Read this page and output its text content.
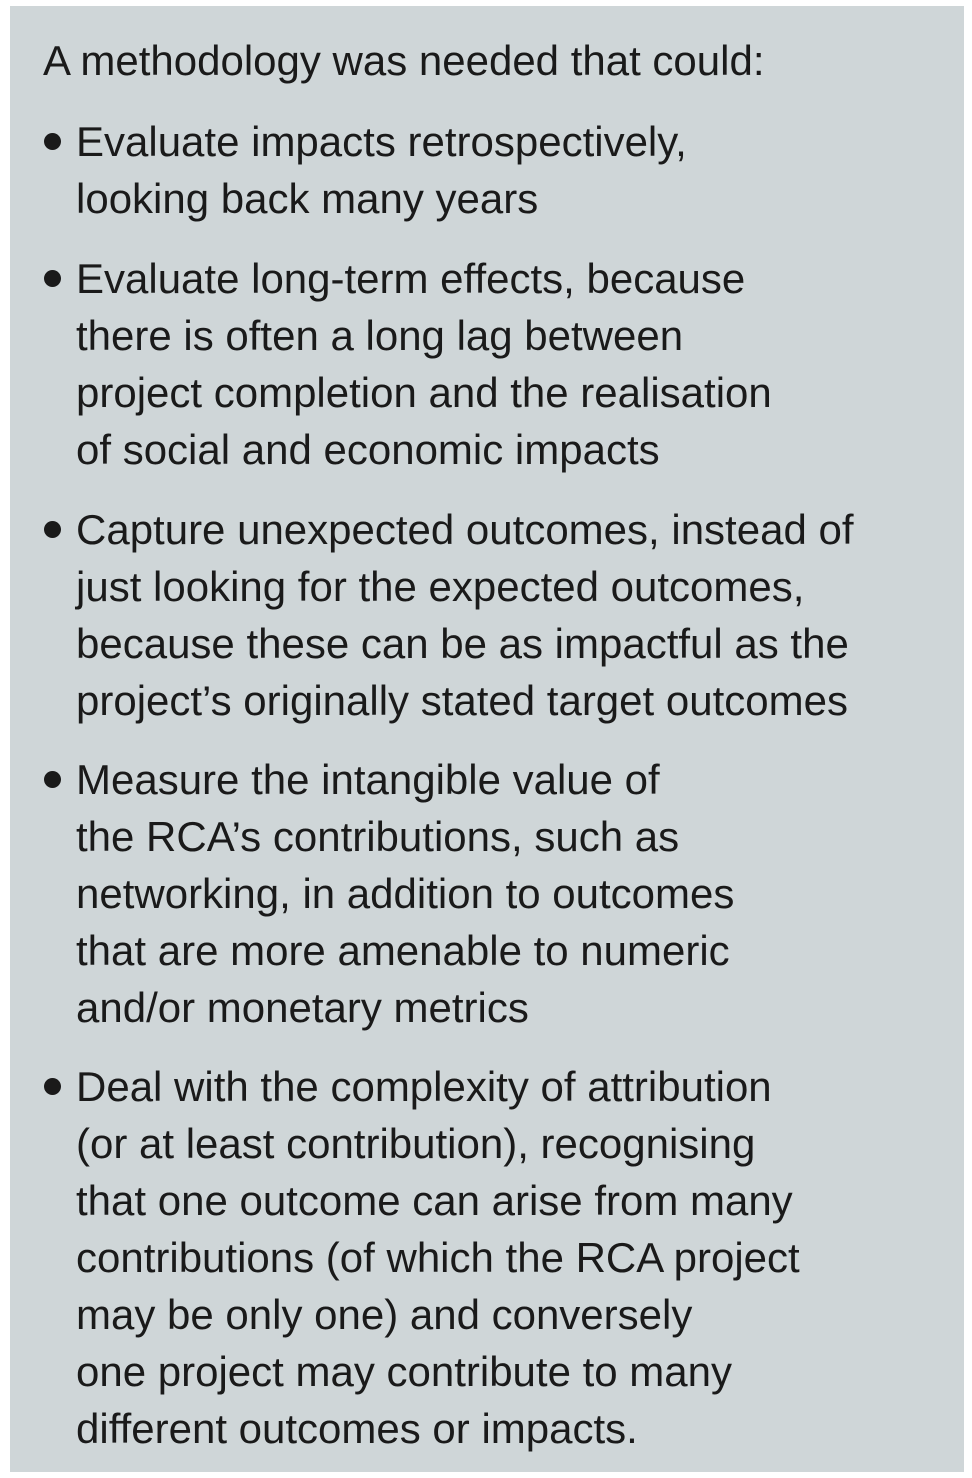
A methodology was needed that could:
Evaluate impacts retrospectively,
looking back many years
Evaluate long-term effects, because
there is often a long lag between
project completion and the realisation
of social and economic impacts
Capture unexpected outcomes, instead of
just looking for the expected outcomes,
because these can be as impactful as the
project’s originally stated target outcomes
Measure the intangible value of
the RCA’s contributions, such as
networking, in addition to outcomes
that are more amenable to numeric
and/or monetary metrics
Deal with the complexity of attribution
(or at least contribution), recognising
that one outcome can arise from many
contributions (of which the RCA project
may be only one) and conversely
one project may contribute to many
different outcomes or impacts.
